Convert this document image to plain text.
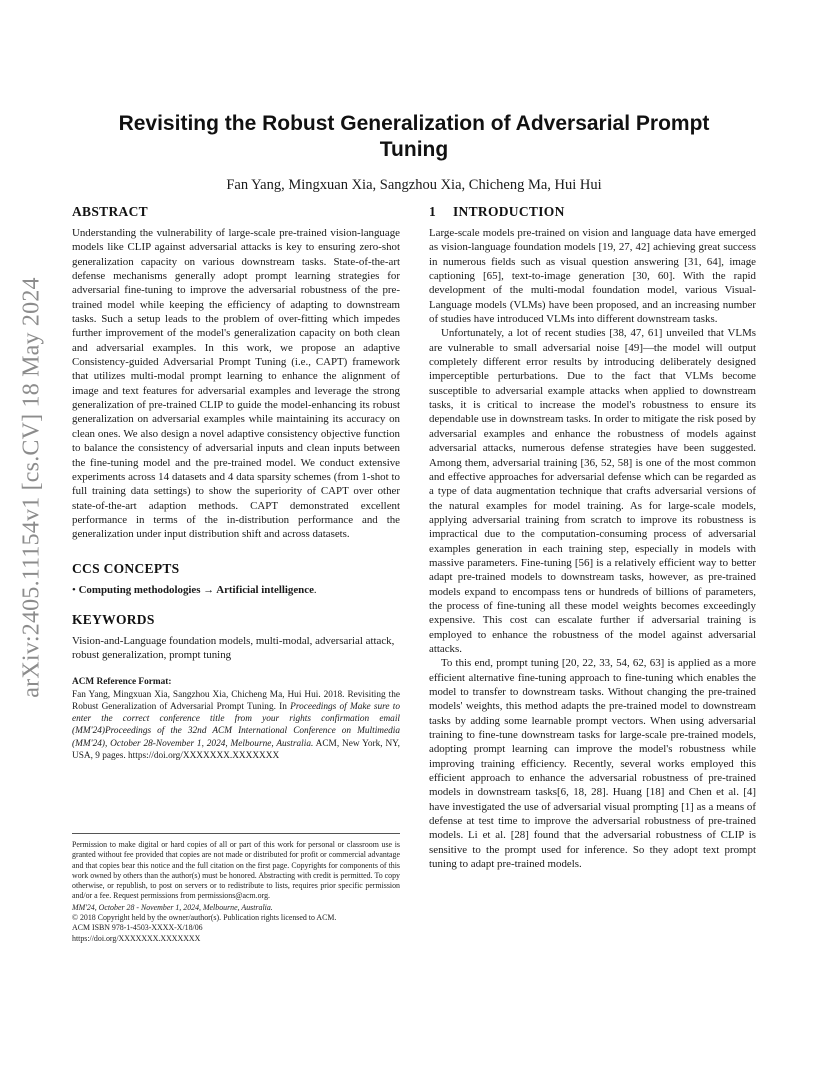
arXiv:2405.11154v1 [cs.CV] 18 May 2024
Revisiting the Robust Generalization of Adversarial Prompt Tuning
Fan Yang, Mingxuan Xia, Sangzhou Xia, Chicheng Ma, Hui Hui
ABSTRACT

Understanding the vulnerability of large-scale pre-trained vision-language models like CLIP against adversarial attacks is key to ensuring zero-shot generalization capacity on various downstream tasks. State-of-the-art defense mechanisms generally adopt prompt learning strategies for adversarial fine-tuning to improve the adversarial robustness of the pre-trained model while keeping the efficiency of adapting to downstream tasks. Such a setup leads to the problem of over-fitting which impedes further improvement of the model's generalization capacity on both clean and adversarial examples. In this work, we propose an adaptive Consistency-guided Adversarial Prompt Tuning (i.e., CAPT) framework that utilizes multi-modal prompt learning to enhance the alignment of image and text features for adversarial examples and leverage the strong generalization of pre-trained CLIP to guide the model-enhancing its robust generalization on adversarial examples while maintaining its accuracy on clean ones. We also design a novel adaptive consistency objective function to balance the consistency of adversarial inputs and clean inputs between the fine-tuning model and the pre-trained model. We conduct extensive experiments across 14 datasets and 4 data sparsity schemes (from 1-shot to full training data settings) to show the superiority of CAPT over other state-of-the-art adaption methods. CAPT demonstrated excellent performance in terms of the in-distribution performance and the generalization under input distribution shift and across datasets.

CCS CONCEPTS
• Computing methodologies → Artificial intelligence.
KEYWORDS

Vision-and-Language foundation models, multi-modal, adversarial attack, robust generalization, prompt tuning

ACM Reference Format:
Fan Yang, Mingxuan Xia, Sangzhou Xia, Chicheng Ma, Hui Hui. 2018. Revisiting the Robust Generalization of Adversarial Prompt Tuning. In Proceedings of Make sure to enter the correct conference title from your rights confirmation email (MM'24)Proceedings of the 32nd ACM International Conference on Multimedia (MM'24), October 28-November 1, 2024, Melbourne, Australia. ACM, New York, NY, USA, 9 pages. https://doi.org/XXXXXXX.XXXXXXX

Permission to make digital or hard copies of all or part of this work for personal or classroom use is granted without fee provided that copies are not made or distributed for profit or commercial advantage and that copies bear this notice and the full citation on the first page. Copyrights for components of this work owned by others than the author(s) must be honored. Abstracting with credit is permitted. To copy otherwise, or republish, to post on servers or to redistribute to lists, requires prior specific permission and/or a fee. Request permissions from permissions@acm.org.

MM'24, October 28 - November 1, 2024, Melbourne, Australia.

© 2018 Copyright held by the owner/author(s). Publication rights licensed to ACM.

ACM ISBN 978-1-4503-XXXX-X/18/06

https://doi.org/XXXXXXX.XXXXXXX

1 INTRODUCTION

Large-scale models pre-trained on vision and language data have emerged as vision-language foundation models [19, 27, 42] achieving great success in numerous fields such as visual question answering [31, 64], image captioning [65], text-to-image generation [30, 60]. With the rapid development of the multi-modal foundation model, various Visual-Language models (VLMs) have been proposed, and an increasing number of studies have introduced VLMs into different downstream tasks.

Unfortunately, a lot of recent studies [38, 47, 61] unveiled that VLMs are vulnerable to small adversarial noise [49]—the model will output completely different error results by introducing deliberately designed imperceptible perturbations. Due to the fact that VLMs become susceptible to adversarial example attacks when applied to downstream tasks, it is critical to increase the model's robustness to ensure its dependable use in downstream tasks. In order to mitigate the risk posed by adversarial examples and enhance the robustness of models against adversarial attacks, numerous defense strategies have been suggested. Among them, adversarial training [36, 52, 58] is one of the most common and effective approaches for adversarial defense which can be regarded as a type of data augmentation technique that crafts adversarial versions of the natural examples for model training. As for large-scale models, applying adversarial training from scratch to improve its robustness is impractical due to the computation-consuming process of adversarial examples generation in each training step, especially in models with massive parameters. Fine-tuning [56] is a relatively efficient way to better adapt pre-trained models to downstream tasks, however, as pre-trained models expand to encompass tens or hundreds of billions of parameters, the process of fine-tuning all these model weights becomes exceedingly expensive. This cost can escalate further if adversarial training is employed to enhance the robustness of the model against adversarial attacks.

To this end, prompt tuning [20, 22, 33, 54, 62, 63] is applied as a more efficient alternative fine-tuning approach to fine-tuning which enables the model to transfer to downstream tasks. Without changing the pre-trained models' weights, this method adapts the pre-trained model to downstream tasks by adding some learnable prompt vectors. When using adversarial training to fine-tune downstream tasks for large-scale pre-trained models, adopting prompt learning can improve the model's robustness while improving training efficiency. Recently, several works employed this efficient approach to enhance the adversarial robustness of pre-trained models in downstream tasks[6, 18, 28]. Huang [18] and Chen et al. [4] have investigated the use of adversarial visual prompting [1] as a means of defense at test time to improve the adversarial robustness of pre-trained models. Li et al. [28] found that the adversarial robustness of CLIP is sensitive to the prompt used for inference. So they adopt text prompt tuning to adapt pre-trained models.
